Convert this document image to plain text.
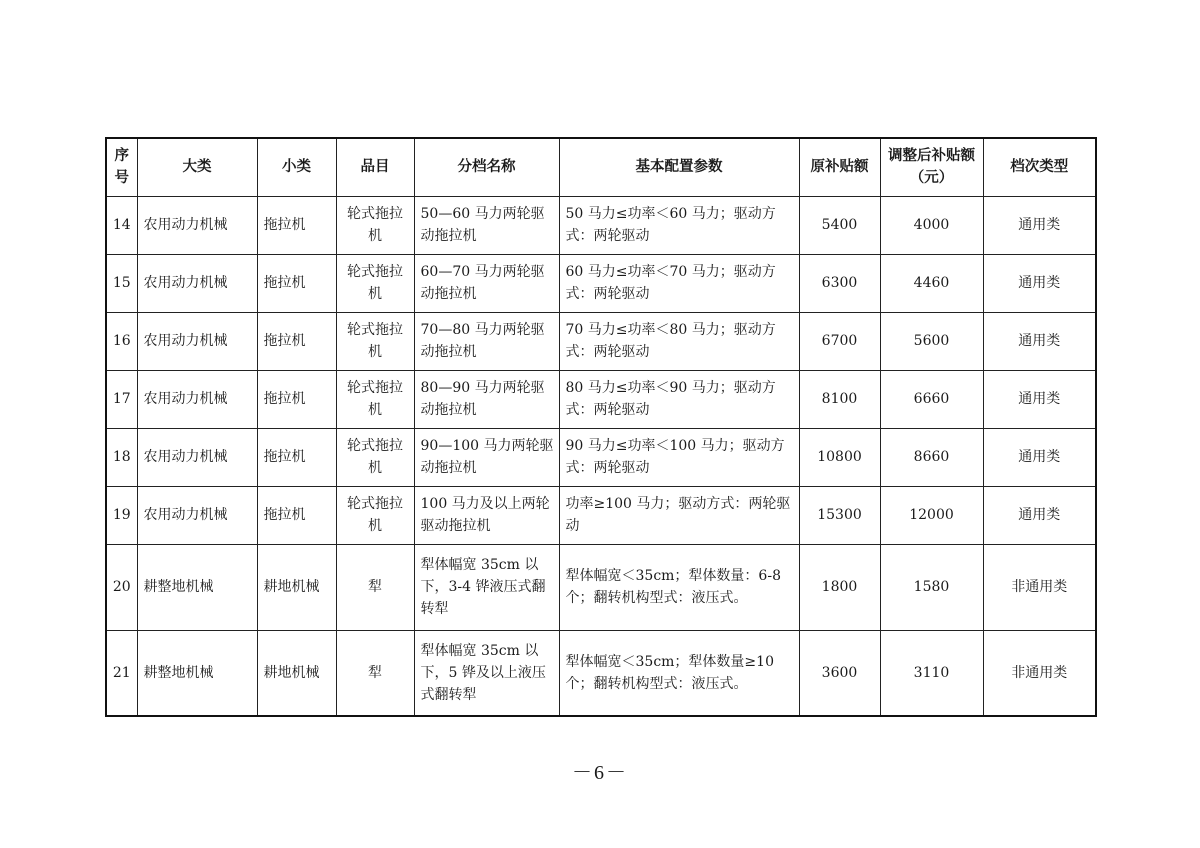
序号	大类	小类	品目	分档名称	基本配置参数	原补贴额	调整后补贴额（元）	档次类型
14	农用动力机械	拖拉机	轮式拖拉机	50—60 马力两轮驱动拖拉机	50 马力≤功率＜60 马力；驱动方式：两轮驱动	5400	4000	通用类
15	农用动力机械	拖拉机	轮式拖拉机	60—70 马力两轮驱动拖拉机	60 马力≤功率＜70 马力；驱动方式：两轮驱动	6300	4460	通用类
16	农用动力机械	拖拉机	轮式拖拉机	70—80 马力两轮驱动拖拉机	70 马力≤功率＜80 马力；驱动方式：两轮驱动	6700	5600	通用类
17	农用动力机械	拖拉机	轮式拖拉机	80—90 马力两轮驱动拖拉机	80 马力≤功率＜90 马力；驱动方式：两轮驱动	8100	6660	通用类
18	农用动力机械	拖拉机	轮式拖拉机	90—100 马力两轮驱动拖拉机	90 马力≤功率＜100 马力；驱动方式：两轮驱动	10800	8660	通用类
19	农用动力机械	拖拉机	轮式拖拉机	100 马力及以上两轮驱动拖拉机	功率≥100 马力；驱动方式：两轮驱动	15300	12000	通用类
20	耕整地机械	耕地机械	犁	犁体幅宽 35cm 以下，3-4 铧液压式翻转犁	犁体幅宽＜35cm；犁体数量：6-8 个；翻转机构型式：液压式。	1800	1580	非通用类
21	耕整地机械	耕地机械	犁	犁体幅宽 35cm 以下，5 铧及以上液压式翻转犁	犁体幅宽＜35cm；犁体数量≥10 个；翻转机构型式：液压式。	3600	3110	非通用类
－6－
